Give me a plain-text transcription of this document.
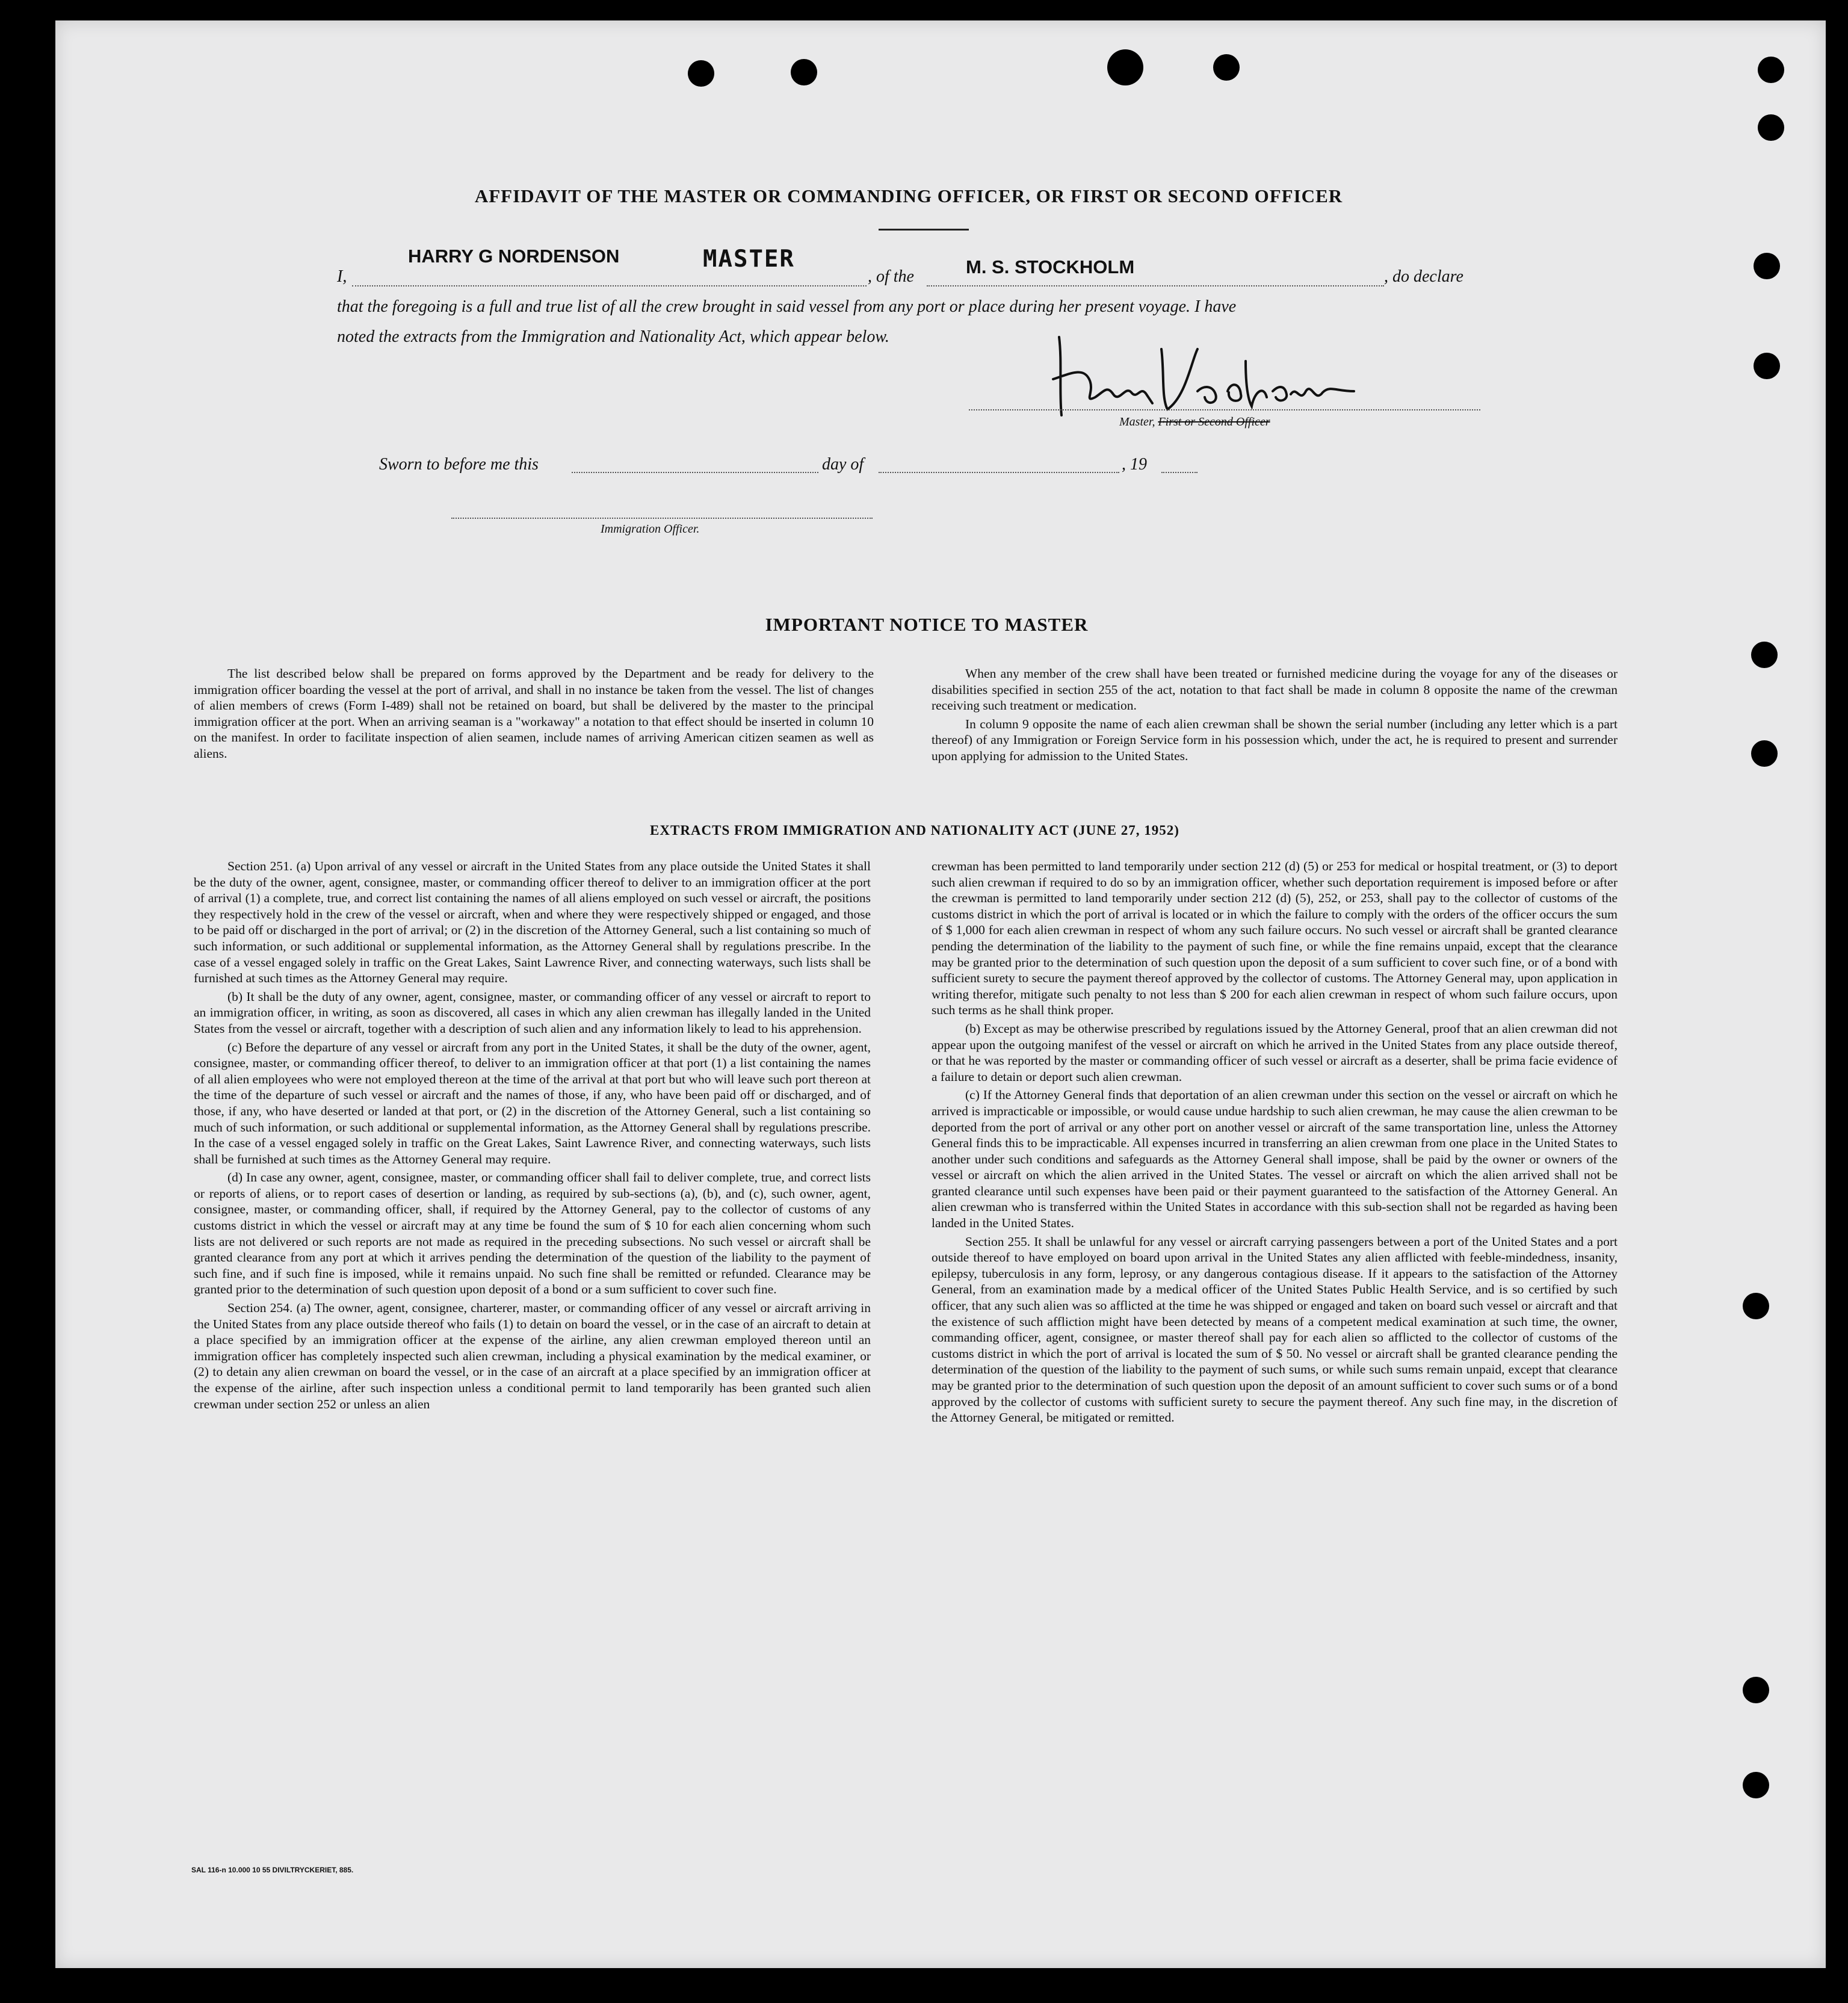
AFFIDAVIT OF THE MASTER OR COMMANDING OFFICER, OR FIRST OR SECOND OFFICER
I,
HARRY G NORDENSON	MASTER
, of the	M. S. STOCKHOLM	, do declare
that the foregoing is a full and true list of all the crew brought in said vessel from any port or place during her present voyage. I have
noted the extracts from the Immigration and Nationality Act, which appear below.
Master, First or Second Officer
Sworn to before me this	day of	, 19
Immigration Officer.
IMPORTANT NOTICE TO MASTER

The list described below shall be prepared on forms approved by the Department and be ready for delivery to the immigration officer boarding the vessel at the port of arrival, and shall in no instance be taken from the vessel. The list of changes of alien members of crews (Form I-489) shall not be retained on board, but shall be delivered by the master to the principal immigration officer at the port. When an arriving seaman is a "workaway" a notation to that effect should be inserted in column 10 on the manifest. In order to facilitate inspection of alien seamen, include names of arriving American citizen seamen as well as aliens.

When any member of the crew shall have been treated or furnished medicine during the voyage for any of the diseases or disabilities specified in section 255 of the act, notation to that fact shall be made in column 8 opposite the name of the crewman receiving such treatment or medication.

In column 9 opposite the name of each alien crewman shall be shown the serial number (including any letter which is a part thereof) of any Immigration or Foreign Service form in his possession which, under the act, he is required to present and surrender upon applying for admission to the United States.

EXTRACTS FROM IMMIGRATION AND NATIONALITY ACT (JUNE 27, 1952)

Section 251. (a) Upon arrival of any vessel or aircraft in the United States from any place outside the United States it shall be the duty of the owner, agent, consignee, master, or commanding officer thereof to deliver to an immigration officer at the port of arrival (1) a complete, true, and correct list containing the names of all aliens employed on such vessel or aircraft, the positions they respectively hold in the crew of the vessel or aircraft, when and where they were respectively shipped or engaged, and those to be paid off or discharged in the port of arrival; or (2) in the discretion of the Attorney General, such a list containing so much of such information, or such additional or supplemental information, as the Attorney General shall by regulations prescribe. In the case of a vessel engaged solely in traffic on the Great Lakes, Saint Lawrence River, and connecting waterways, such lists shall be furnished at such times as the Attorney General may require.

(b) It shall be the duty of any owner, agent, consignee, master, or commanding officer of any vessel or aircraft to report to an immigration officer, in writing, as soon as discovered, all cases in which any alien crewman has illegally landed in the United States from the vessel or aircraft, together with a description of such alien and any information likely to lead to his apprehension.

(c) Before the departure of any vessel or aircraft from any port in the United States, it shall be the duty of the owner, agent, consignee, master, or commanding officer thereof, to deliver to an immigration officer at that port (1) a list containing the names of all alien employees who were not employed thereon at the time of the arrival at that port but who will leave such port thereon at the time of the departure of such vessel or aircraft and the names of those, if any, who have been paid off or discharged, and of those, if any, who have deserted or landed at that port, or (2) in the discretion of the Attorney General, such a list containing so much of such information, or such additional or supplemental information, as the Attorney General shall by regulations prescribe. In the case of a vessel engaged solely in traffic on the Great Lakes, Saint Lawrence River, and connecting waterways, such lists shall be furnished at such times as the Attorney General may require.

(d) In case any owner, agent, consignee, master, or commanding officer shall fail to deliver complete, true, and correct lists or reports of aliens, or to report cases of desertion or landing, as required by sub-sections (a), (b), and (c), such owner, agent, consignee, master, or commanding officer, shall, if required by the Attorney General, pay to the collector of customs of any customs district in which the vessel or aircraft may at any time be found the sum of $ 10 for each alien concerning whom such lists are not delivered or such reports are not made as required in the preceding subsections. No such vessel or aircraft shall be granted clearance from any port at which it arrives pending the determination of the question of the liability to the payment of such fine, and if such fine is imposed, while it remains unpaid. No such fine shall be remitted or refunded. Clearance may be granted prior to the determination of such question upon deposit of a bond or a sum sufficient to cover such fine.

Section 254. (a) The owner, agent, consignee, charterer, master, or commanding officer of any vessel or aircraft arriving in the United States from any place outside thereof who fails (1) to detain on board the vessel, or in the case of an aircraft to detain at a place specified by an immigration officer at the expense of the airline, any alien crewman employed thereon until an immigration officer has completely inspected such alien crewman, including a physical examination by the medical examiner, or (2) to detain any alien crewman on board the vessel, or in the case of an aircraft at a place specified by an immigration officer at the expense of the airline, after such inspection unless a conditional permit to land temporarily has been granted such alien crewman under section 252 or unless an alien

crewman has been permitted to land temporarily under section 212 (d) (5) or 253 for medical or hospital treatment, or (3) to deport such alien crewman if required to do so by an immigration officer, whether such deportation requirement is imposed before or after the crewman is permitted to land temporarily under section 212 (d) (5), 252, or 253, shall pay to the collector of customs of the customs district in which the port of arrival is located or in which the failure to comply with the orders of the officer occurs the sum of $ 1,000 for each alien crewman in respect of whom any such failure occurs. No such vessel or aircraft shall be granted clearance pending the determination of the liability to the payment of such fine, or while the fine remains unpaid, except that the clearance may be granted prior to the determination of such question upon the deposit of a sum sufficient to cover such fine, or of a bond with sufficient surety to secure the payment thereof approved by the collector of customs. The Attorney General may, upon application in writing therefor, mitigate such penalty to not less than $ 200 for each alien crewman in respect of whom such failure occurs, upon such terms as he shall think proper.

(b) Except as may be otherwise prescribed by regulations issued by the Attorney General, proof that an alien crewman did not appear upon the outgoing manifest of the vessel or aircraft on which he arrived in the United States from any place outside thereof, or that he was reported by the master or commanding officer of such vessel or aircraft as a deserter, shall be prima facie evidence of a failure to detain or deport such alien crewman.

(c) If the Attorney General finds that deportation of an alien crewman under this section on the vessel or aircraft on which he arrived is impracticable or impossible, or would cause undue hardship to such alien crewman, he may cause the alien crewman to be deported from the port of arrival or any other port on another vessel or aircraft of the same transportation line, unless the Attorney General finds this to be impracticable. All expenses incurred in transferring an alien crewman from one place in the United States to another under such conditions and safeguards as the Attorney General shall impose, shall be paid by the owner or owners of the vessel or aircraft on which the alien arrived in the United States. The vessel or aircraft on which the alien arrived shall not be granted clearance until such expenses have been paid or their payment guaranteed to the satisfaction of the Attorney General. An alien crewman who is transferred within the United States in accordance with this sub-section shall not be regarded as having been landed in the United States.

Section 255. It shall be unlawful for any vessel or aircraft carrying passengers between a port of the United States and a port outside thereof to have employed on board upon arrival in the United States any alien afflicted with feeble-mindedness, insanity, epilepsy, tuberculosis in any form, leprosy, or any dangerous contagious disease. If it appears to the satisfaction of the Attorney General, from an examination made by a medical officer of the United States Public Health Service, and is so certified by such officer, that any such alien was so afflicted at the time he was shipped or engaged and taken on board such vessel or aircraft and that the existence of such affliction might have been detected by means of a competent medical examination at such time, the owner, commanding officer, agent, consignee, or master thereof shall pay for each alien so afflicted to the collector of customs of the customs district in which the port of arrival is located the sum of $ 50. No vessel or aircraft shall be granted clearance pending the determination of the question of the liability to the payment of such sums, or while such sums remain unpaid, except that clearance may be granted prior to the determination of such question upon the deposit of an amount sufficient to cover such sums or of a bond approved by the collector of customs with sufficient surety to secure the payment thereof. Any such fine may, in the discretion of the Attorney General, be mitigated or remitted.

SAL 116-n 10.000 10 55 DIVILTRYCKERIET, 885.
